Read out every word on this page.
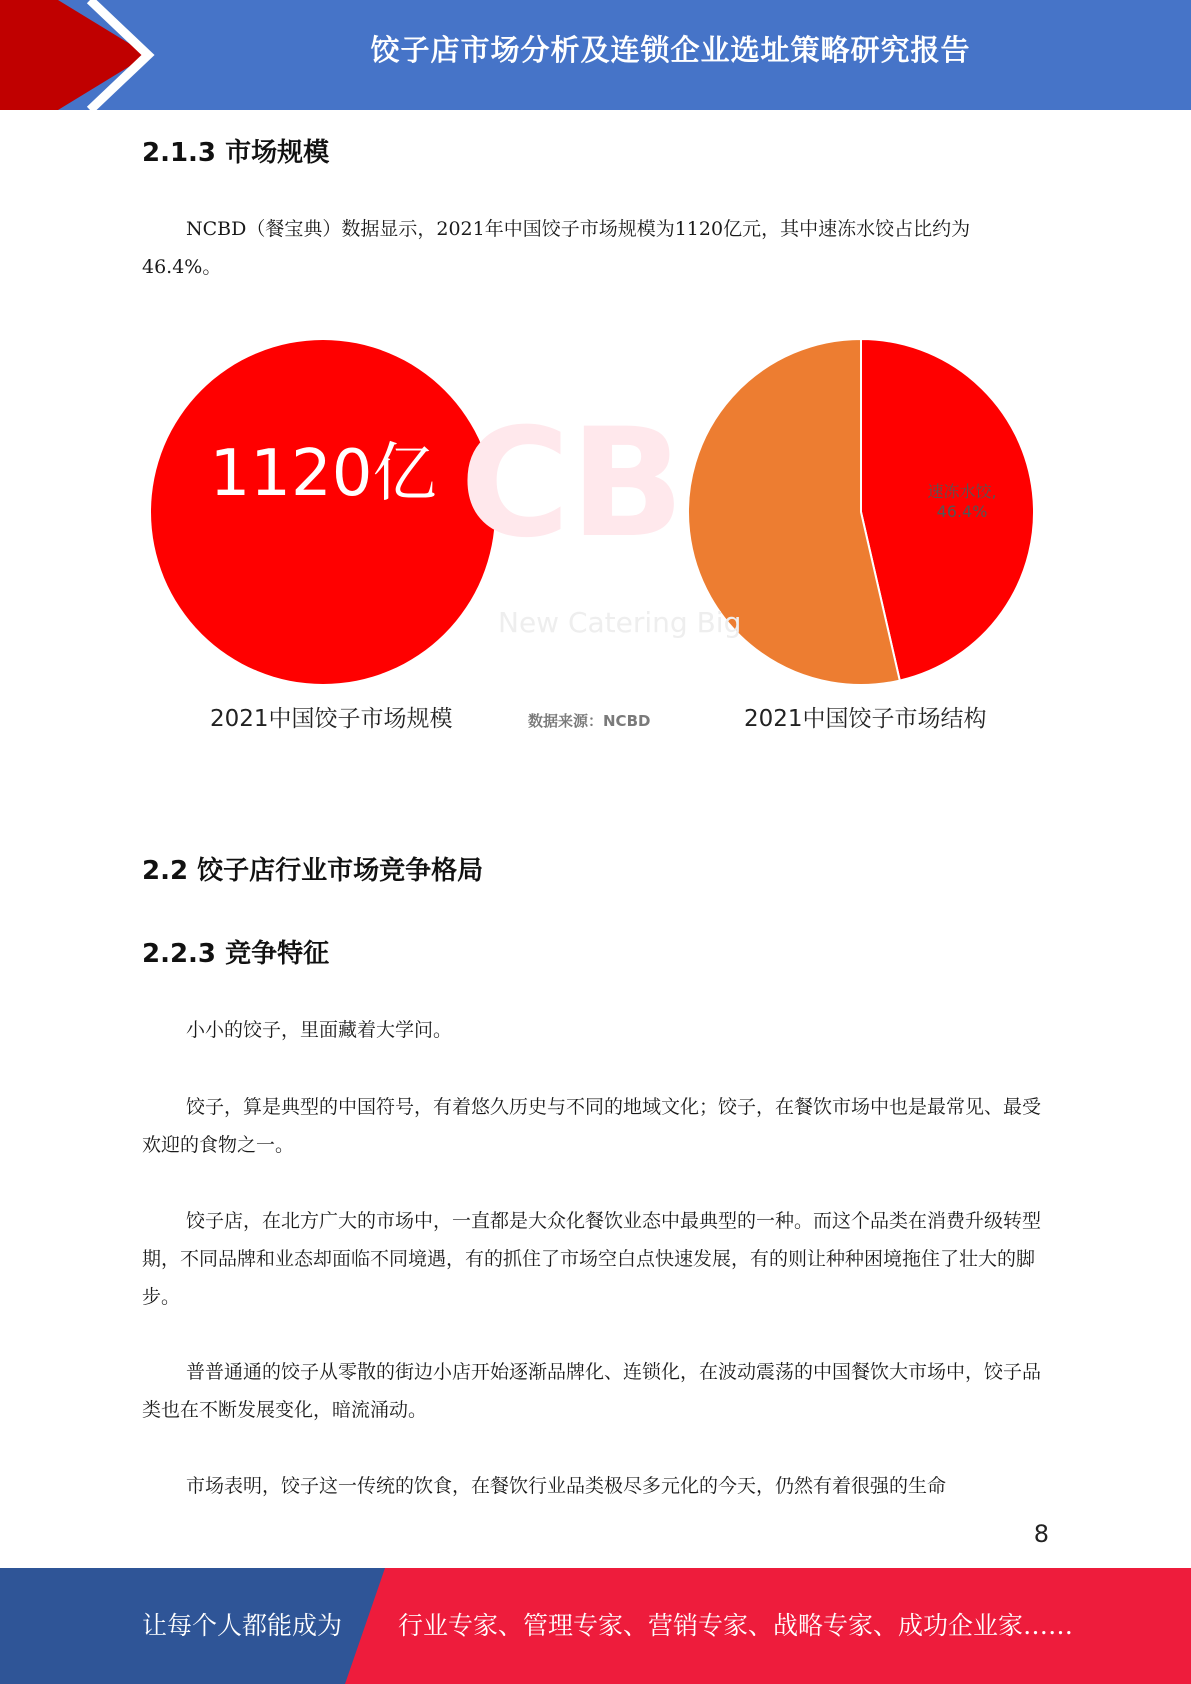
饺子店市场分析及连锁企业选址策略研究报告
2.1.3 市场规模
NCBD（餐宝典）数据显示，2021年中国饺子市场规模为1120亿元，其中速冻水饺占比约为46.4%。
CB
New Catering Big
1120亿	速冻水饺,
46.4%
2021中国饺子市场规模	数据来源：NCBD	2021中国饺子市场结构
2.2 饺子店行业市场竞争格局
2.2.3 竞争特征
小小的饺子，里面藏着大学问。
饺子，算是典型的中国符号，有着悠久历史与不同的地域文化；饺子，在餐饮市场中也是最常见、最受欢迎的食物之一。
饺子店，在北方广大的市场中，一直都是大众化餐饮业态中最典型的一种。而这个品类在消费升级转型期，不同品牌和业态却面临不同境遇，有的抓住了市场空白点快速发展，有的则让种种困境拖住了壮大的脚步。
普普通通的饺子从零散的街边小店开始逐渐品牌化、连锁化，在波动震荡的中国餐饮大市场中，饺子品类也在不断发展变化，暗流涌动。
市场表明，饺子这一传统的饮食，在餐饮行业品类极尽多元化的今天，仍然有着很强的生命
8
让每个人都能成为 行业专家、管理专家、营销专家、战略专家、成功企业家……
